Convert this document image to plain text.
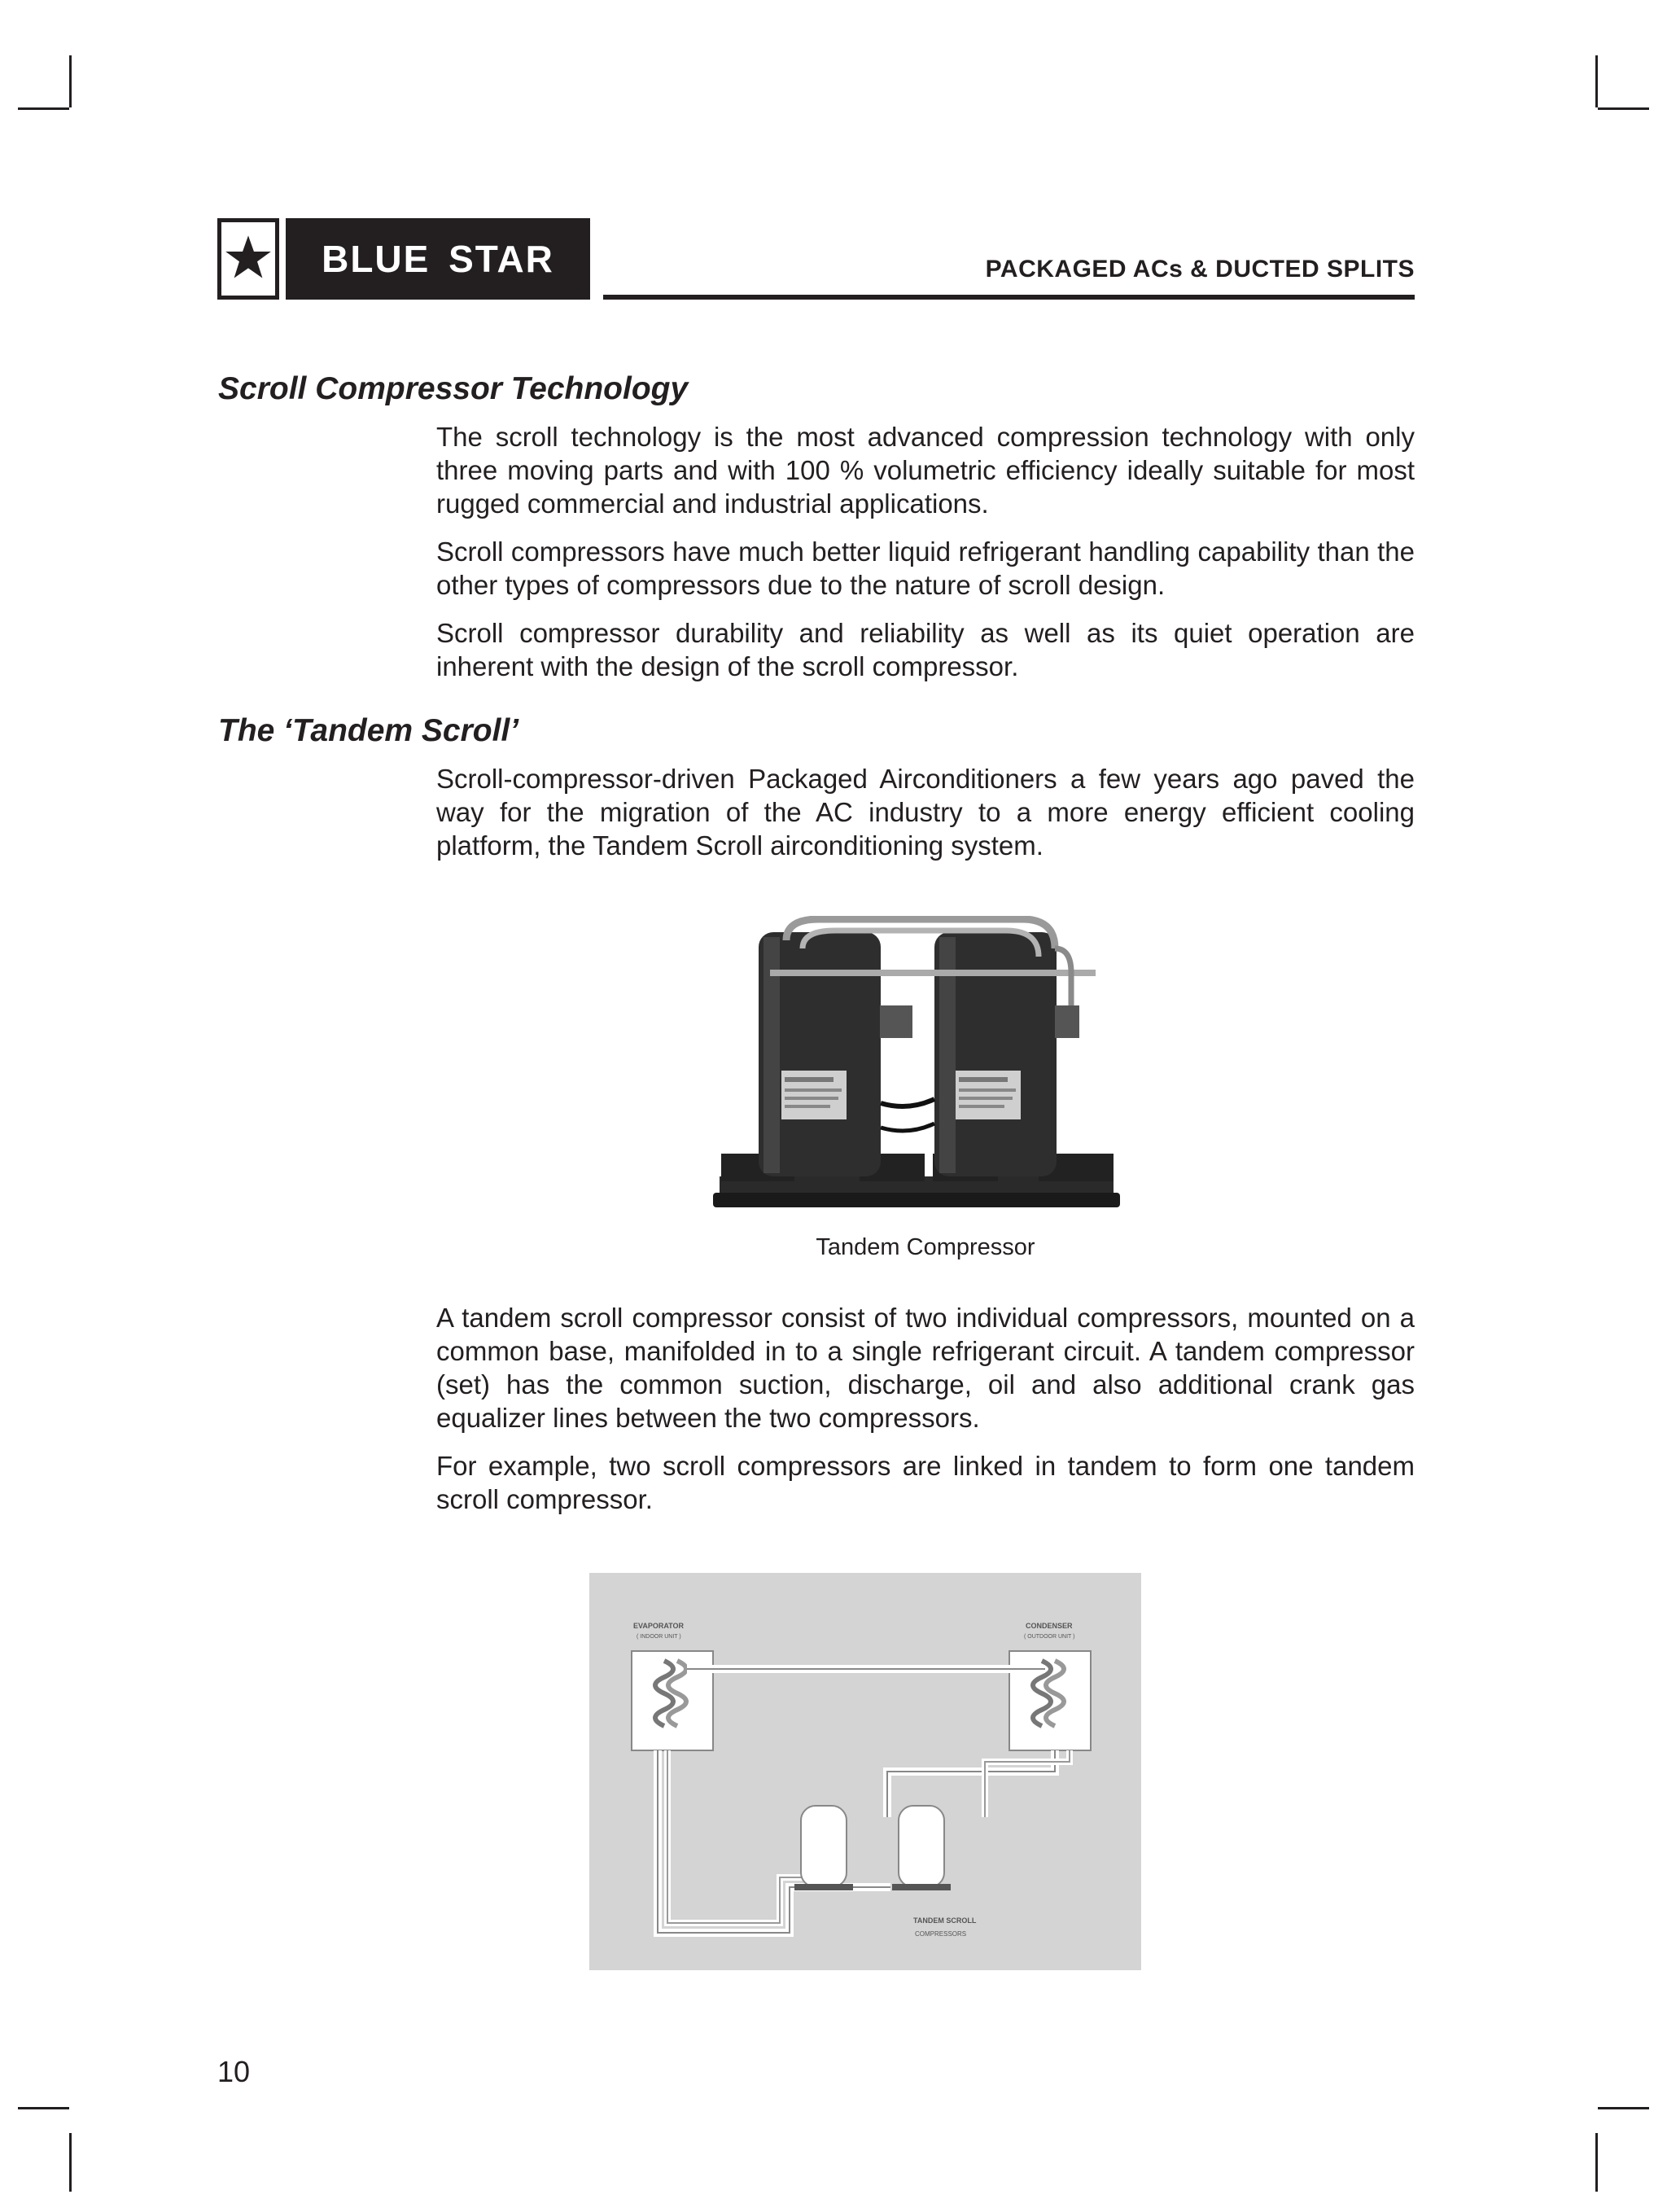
BLUE STAR	PACKAGED ACs & DUCTED SPLITS
Scroll Compressor Technology

The scroll technology is the most advanced compression technology with only three moving parts and with 100 % volumetric efficiency ideally suitable for most rugged commercial and industrial applications.

Scroll compressors have much better liquid refrigerant handling capability than the other types of compressors due to the nature of scroll design.

Scroll compressor durability and reliability as well as its quiet operation are inherent with the design of the scroll compressor.

The ‘Tandem Scroll’

Scroll-compressor-driven Packaged Airconditioners a few years ago paved the way for the migration of the AC industry to a more energy efficient cooling platform, the Tandem Scroll airconditioning system.

Tandem Compressor

A tandem scroll compressor consist of two individual compressors, mounted on a common base, manifolded in to a single refrigerant circuit. A tandem compressor (set) has the common suction, discharge, oil and also additional crank gas equalizer lines between the two compressors.

For example, two scroll compressors are linked in tandem to form one tandem scroll compressor.

EVAPORATOR
( INDOOR UNIT )
CONDENSER
( OUTDOOR UNIT )
TANDEM SCROLL
COMPRESSORS
10
